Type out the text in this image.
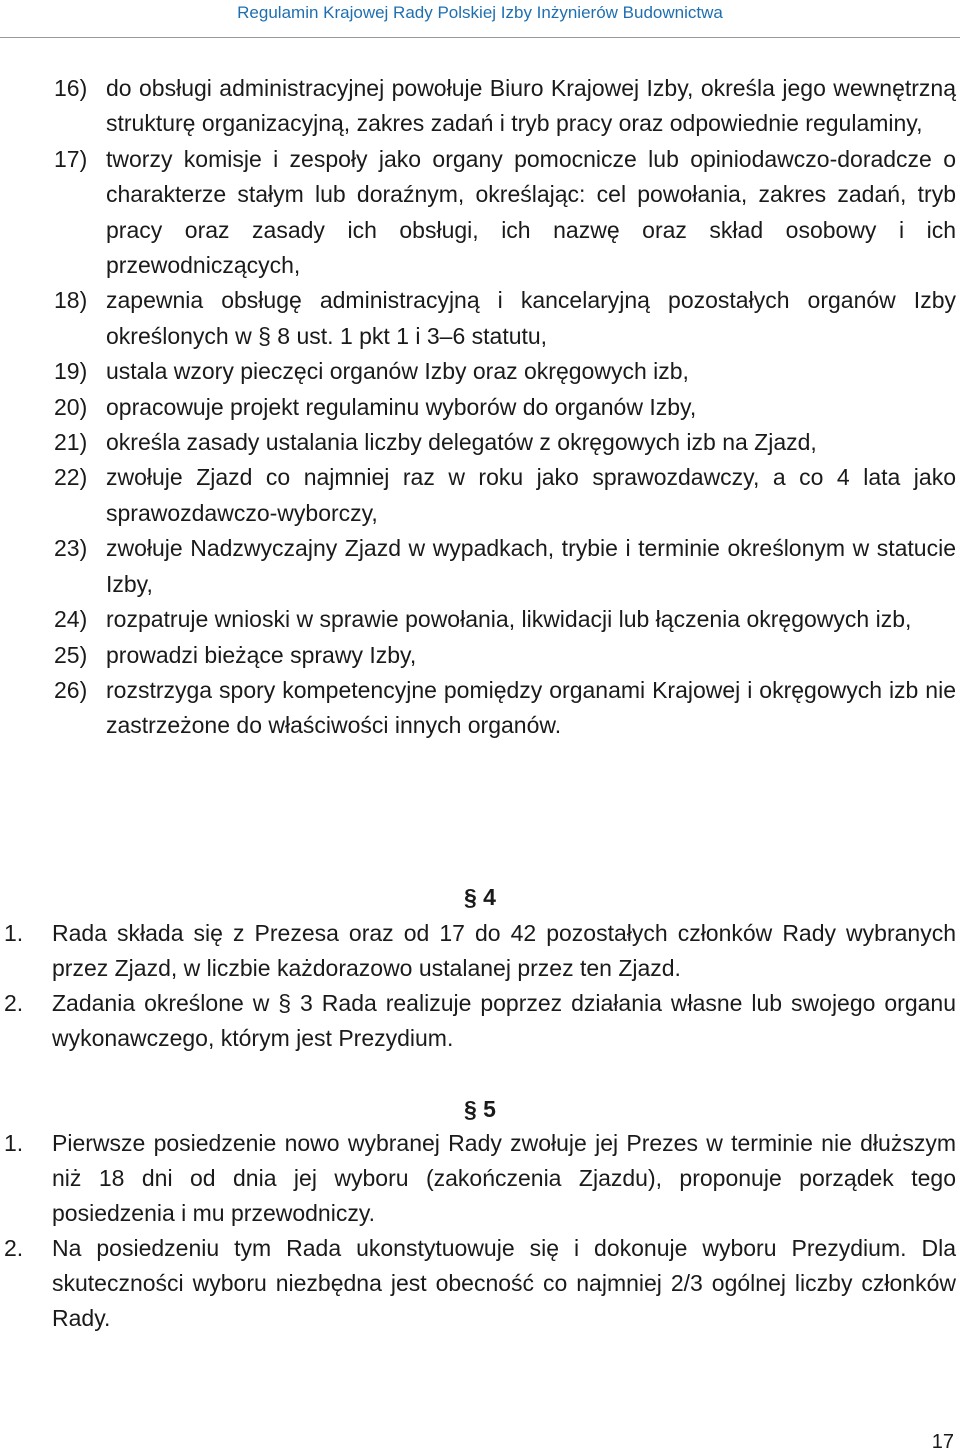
Regulamin Krajowej Rady Polskiej Izby Inżynierów Budownictwa
16) do obsługi administracyjnej powołuje Biuro Krajowej Izby, określa jego wewnętrzną strukturę organizacyjną, zakres zadań i tryb pracy oraz odpowiednie regulaminy,
17) tworzy komisje i zespoły jako organy pomocnicze lub opiniodawczo-doradcze o charakterze stałym lub doraźnym, określając: cel powołania, zakres zadań, tryb pracy oraz zasady ich obsługi, ich nazwę oraz skład osobowy i ich przewodniczących,
18) zapewnia obsługę administracyjną i kancelaryjną pozostałych organów Izby określonych w § 8 ust. 1 pkt 1 i 3–6 statutu,
19) ustala wzory pieczęci organów Izby oraz okręgowych izb,
20) opracowuje projekt regulaminu wyborów do organów Izby,
21) określa zasady ustalania liczby delegatów z okręgowych izb na Zjazd,
22) zwołuje Zjazd co najmniej raz w roku jako sprawozdawczy, a co 4 lata jako sprawozdawczo-wyborczy,
23) zwołuje Nadzwyczajny Zjazd w wypadkach, trybie i terminie określonym w statucie Izby,
24) rozpatruje wnioski w sprawie powołania, likwidacji lub łączenia okręgowych izb,
25) prowadzi bieżące sprawy Izby,
26) rozstrzyga spory kompetencyjne pomiędzy organami Krajowej i okręgowych izb nie zastrzeżone do właściwości innych organów.
§ 4
1.	Rada składa się z Prezesa oraz od 17 do 42 pozostałych członków Rady wybranych przez Zjazd, w liczbie każdorazowo ustalanej przez ten Zjazd.
2.	Zadania określone w § 3 Rada realizuje poprzez działania własne lub swojego organu wykonawczego, którym jest Prezydium.
§ 5
1.	Pierwsze posiedzenie nowo wybranej Rady zwołuje jej Prezes w terminie nie dłuższym niż 18 dni od dnia jej wyboru (zakończenia Zjazdu), proponuje porządek tego posiedzenia i mu przewodniczy.
2.	Na posiedzeniu tym Rada ukonstytuowuje się i dokonuje wyboru Prezydium. Dla skuteczności wyboru niezbędna jest obecność co najmniej 2/3 ogólnej liczby członków Rady.
17
